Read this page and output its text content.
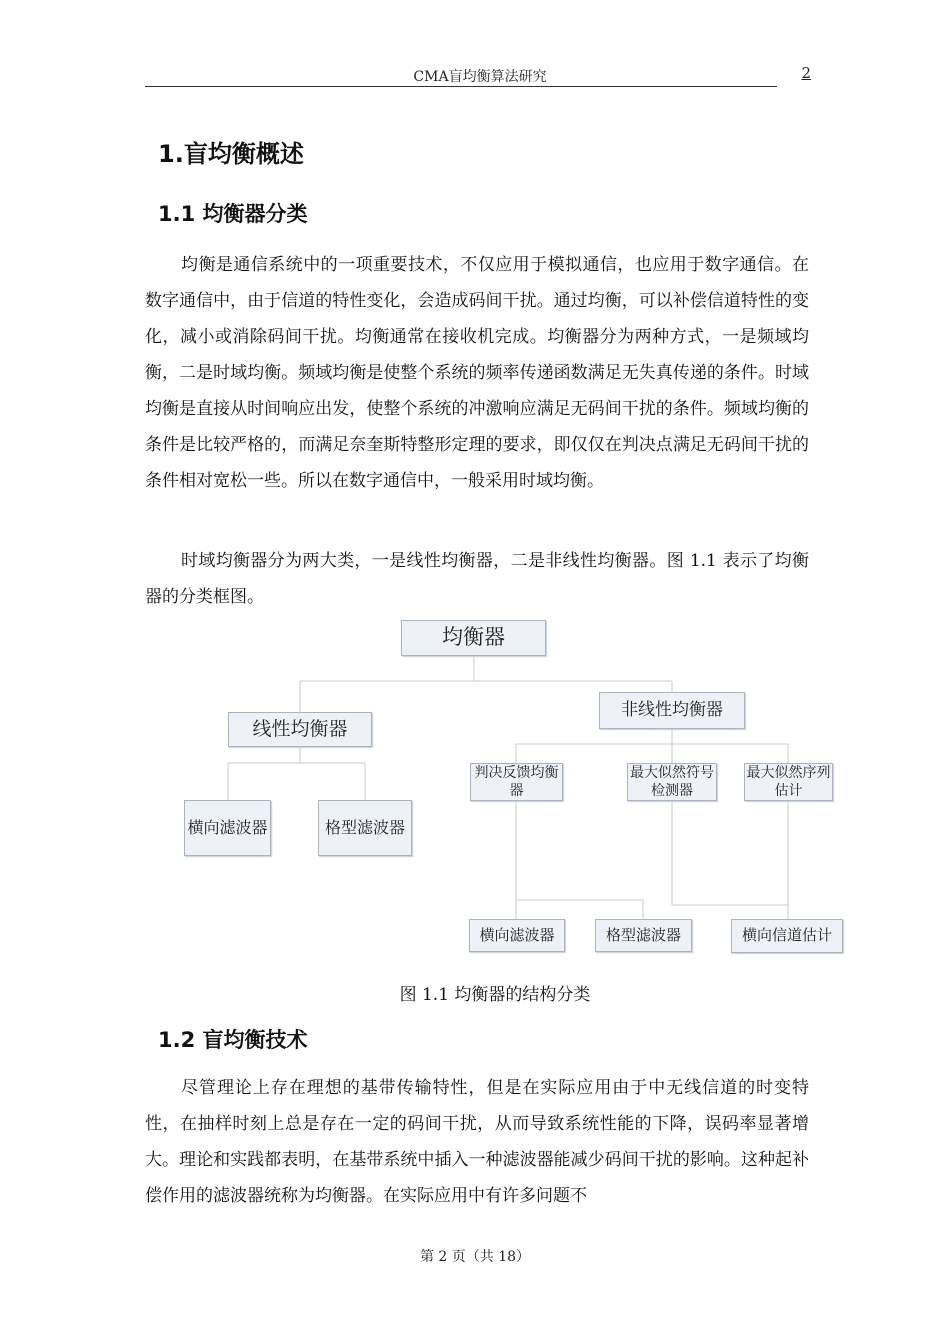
CMA盲均衡算法研究	2
1.盲均衡概述
1.1 均衡器分类

均衡是通信系统中的一项重要技术，不仅应用于模拟通信，也应用于数字通信。在数字通信中，由于信道的特性变化，会造成码间干扰。通过均衡，可以补偿信道特性的变化，减小或消除码间干扰。均衡通常在接收机完成。均衡器分为两种方式，一是频域均衡，二是时域均衡。频域均衡是使整个系统的频率传递函数满足无失真传递的条件。时域均衡是直接从时间响应出发，使整个系统的冲激响应满足无码间干扰的条件。频域均衡的条件是比较严格的，而满足奈奎斯特整形定理的要求，即仅仅在判决点满足无码间干扰的条件相对宽松一些。所以在数字通信中，一般采用时域均衡。

时域均衡器分为两大类，一是线性均衡器，二是非线性均衡器。图 1.1 表示了均衡器的分类框图。

均衡器
线性均衡器
非线性均衡器
横向滤波器	格型滤波器
判决反馈均衡器
最大似然符号检测器
最大似然序列估计
横向滤波器	格型滤波器	横向信道估计
图 1.1 均衡器的结构分类
1.2 盲均衡技术

尽管理论上存在理想的基带传输特性，但是在实际应用由于中无线信道的时变特性，在抽样时刻上总是存在一定的码间干扰，从而导致系统性能的下降，误码率显著增大。理论和实践都表明，在基带系统中插入一种滤波器能减少码间干扰的影响。这种起补偿作用的滤波器统称为均衡器。在实际应用中有许多问题不

第 2 页（共 18）
